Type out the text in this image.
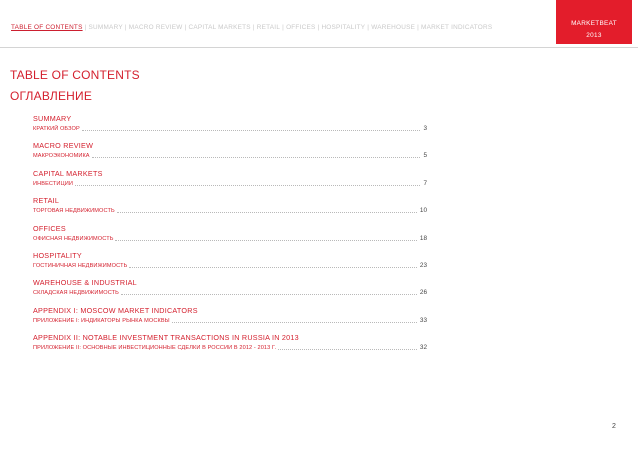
TABLE OF CONTENTS | SUMMARY | MACRO REVIEW | CAPITAL MARKETS | RETAIL | OFFICES | HOSPITALITY | WAREHOUSE | MARKET INDICATORS
MARKETBEAT
2013
TABLE OF CONTENTS
ОГЛАВЛЕНИЕ
SUMMARY
КРАТКИЙ ОБЗОР	3
MACRO REVIEW
МАКРОЭКОНОМИКА	5
CAPITAL MARKETS
ИНВЕСТИЦИИ	7
RETAIL
ТОРГОВАЯ НЕДВИЖИМОСТЬ	10
OFFICES
ОФИСНАЯ НЕДВИЖИМОСТЬ	18
HOSPITALITY
ГОСТИНИЧНАЯ НЕДВИЖИМОСТЬ	23
WAREHOUSE & INDUSTRIAL
СКЛАДСКАЯ НЕДВИЖИМОСТЬ	26
APPENDIX I: MOSCOW MARKET INDICATORS
ПРИЛОЖЕНИЕ I: ИНДИКАТОРЫ РЫНКА МОСКВЫ	33
APPENDIX II: NOTABLE INVESTMENT TRANSACTIONS IN RUSSIA IN 2013
ПРИЛОЖЕНИЕ II: ОСНОВНЫЕ ИНВЕСТИЦИОННЫЕ СДЕЛКИ В РОССИИ В 2012 - 2013 Г.	32
2
